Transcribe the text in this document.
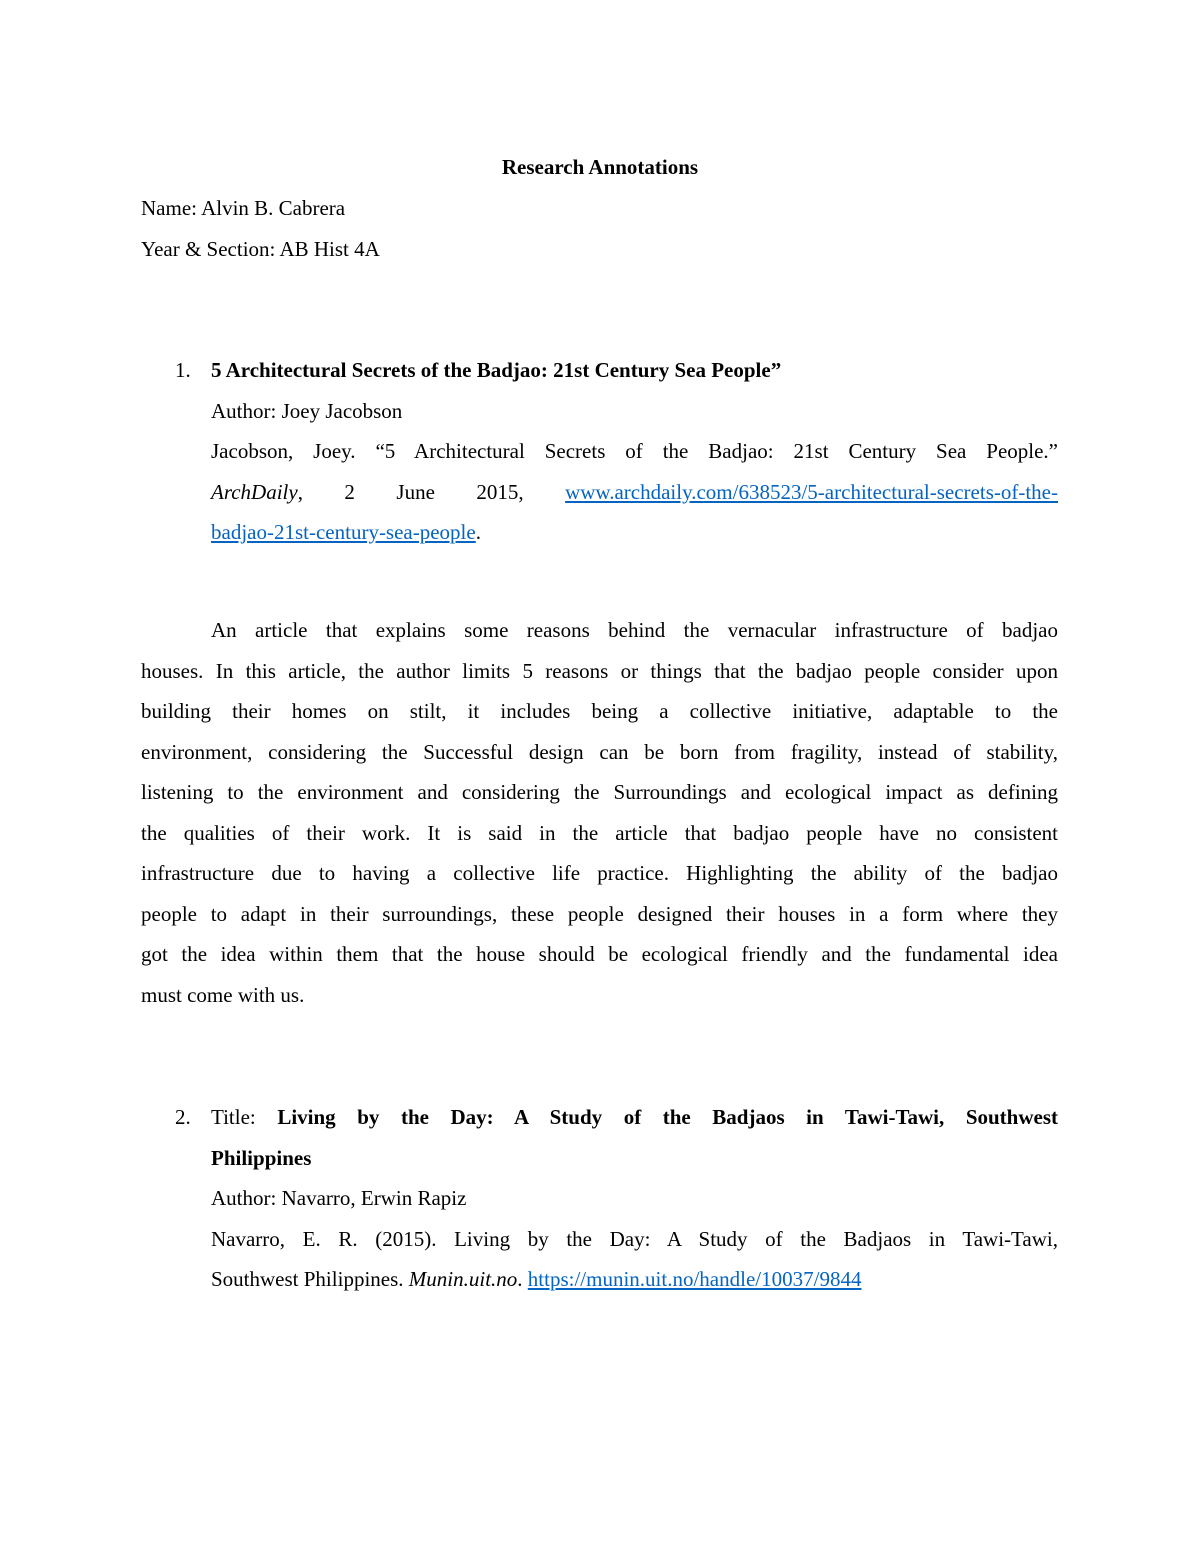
Research Annotations
Name: Alvin B. Cabrera
Year & Section: AB Hist 4A
1. 5 Architectural Secrets of the Badjao: 21st Century Sea People”
Author: Joey Jacobson
Jacobson, Joey. “5 Architectural Secrets of the Badjao: 21st Century Sea People.”
ArchDaily, 2 June 2015, www.archdaily.com/638523/5-architectural-secrets-of-the-
badjao-21st-century-sea-people.
An article that explains some reasons behind the vernacular infrastructure of badjao
houses. In this article, the author limits 5 reasons or things that the badjao people consider upon
building their homes on stilt, it includes being a collective initiative, adaptable to the
environment, considering the Successful design can be born from fragility, instead of stability,
listening to the environment and considering the Surroundings and ecological impact as defining
the qualities of their work. It is said in the article that badjao people have no consistent
infrastructure due to having a collective life practice. Highlighting the ability of the badjao
people to adapt in their surroundings, these people designed their houses in a form where they
got the idea within them that the house should be ecological friendly and the fundamental idea
must come with us.
2. Title: Living by the Day: A Study of the Badjaos in Tawi-Tawi, Southwest
Philippines
Author: Navarro, Erwin Rapiz
Navarro, E. R. (2015). Living by the Day: A Study of the Badjaos in Tawi-Tawi,
Southwest Philippines. Munin.uit.no. https://munin.uit.no/handle/10037/9844
